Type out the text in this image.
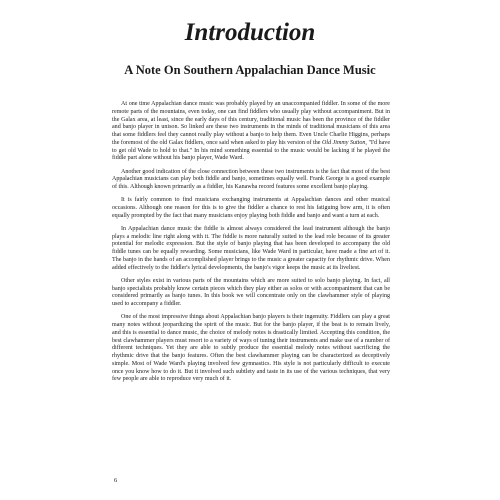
Introduction
A Note On Southern Appalachian Dance Music

At one time Appalachian dance music was probably played by an unaccompanied fiddler. In some of the more remote parts of the mountains, even today, one can find fiddlers who usually play without accompaniment. But in the Galax area, at least, since the early days of this century, traditional music has been the province of the fiddler and banjo player in unison. So linked are these two instruments in the minds of traditional musicians of this area that some fiddlers feel they cannot really play without a banjo to help them. Even Uncle Charlie Higgins, perhaps the foremost of the old Galax fiddlers, once said when asked to play his version of the Old Jimmy Sutton, "I'd have to get old Wade to hold to that." In his mind something essential to the music would be lacking if he played the fiddle part alone without his banjo player, Wade Ward.

Another good indication of the close connection between these two instruments is the fact that most of the best Appalachian musicians can play both fiddle and banjo, sometimes equally well. Frank George is a good example of this. Although known primarily as a fiddler, his Kanawha record features some excellent banjo playing.

It is fairly common to find musicians exchanging instruments at Appalachian dances and other musical occasions. Although one reason for this is to give the fiddler a chance to rest his fatiguing bow arm, it is often equally prompted by the fact that many musicians enjoy playing both fiddle and banjo and want a turn at each.

In Appalachian dance music the fiddle is almost always considered the lead instrument although the banjo plays a melodic line right along with it. The fiddle is more naturally suited to the lead role because of its greater potential for melodic expression. But the style of banjo playing that has been developed to accompany the old fiddle tunes can be equally rewarding. Some musicians, like Wade Ward in particular, have made a fine art of it. The banjo in the hands of an accomplished player brings to the music a greater capacity for rhythmic drive. When added effectively to the fiddler's lyrical developments, the banjo's vigor keeps the music at its liveliest.

Other styles exist in various parts of the mountains which are more suited to solo banjo playing. In fact, all banjo specialists probably know certain pieces which they play either as solos or with accompaniment that can be considered primarily as banjo tunes. In this book we will concentrate only on the clawhammer style of playing used to accompany a fiddler.

One of the most impressive things about Appalachian banjo players is their ingenuity. Fiddlers can play a great many notes without jeopardizing the spirit of the music. But for the banjo player, if the beat is to remain lively, and this is essential to dance music, the choice of melody notes is drastically limited. Accepting this condition, the best clawhammer players must resort to a variety of ways of tuning their instruments and make use of a number of different techniques. Yet they are able to subtly produce the essential melody notes without sacrificing the rhythmic drive that the banjo features. Often the best clawhammer playing can be characterized as deceptively simple. Most of Wade Ward's playing involved few gymnastics. His style is not particularly difficult to execute once you know how to do it. But it involved such subtlety and taste in its use of the various techniques, that very few people are able to reproduce very much of it.

6
